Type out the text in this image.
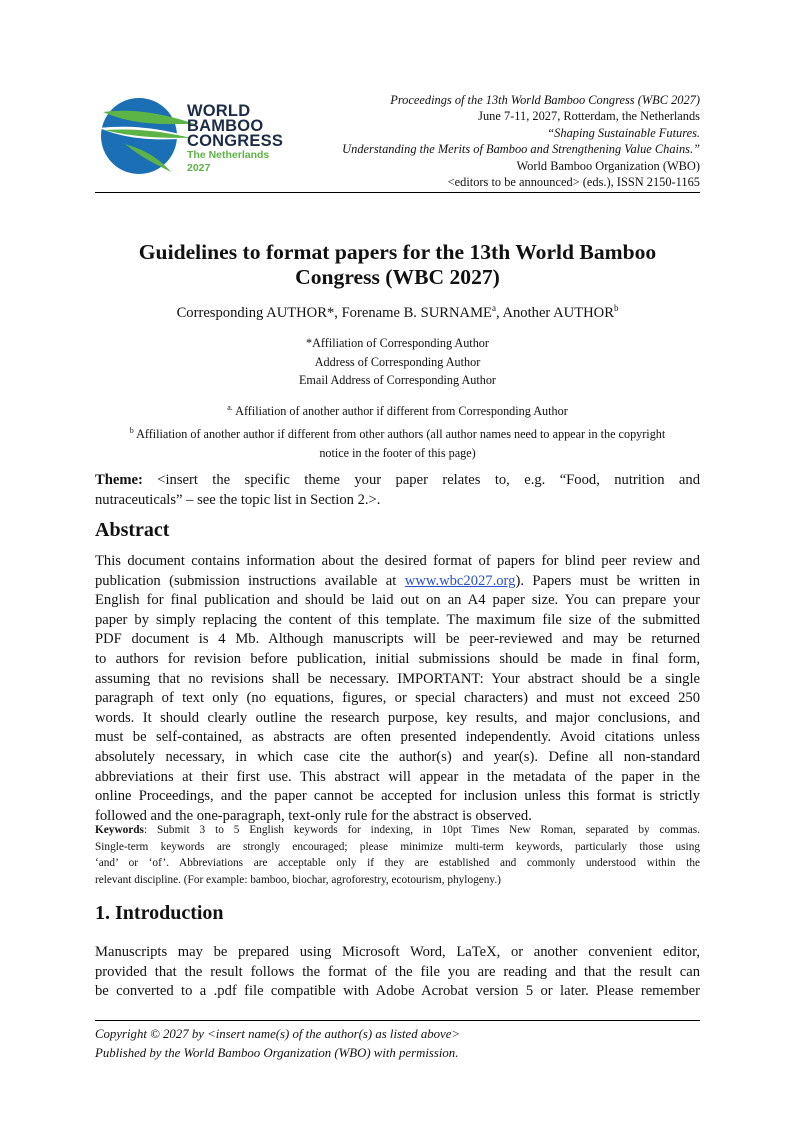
WORLD
BAMBOO
CONGRESS
The Netherlands 2027
Proceedings of the 13th World Bamboo Congress (WBC 2027)
June 7-11, 2027, Rotterdam, the Netherlands
“Shaping Sustainable Futures.
Understanding the Merits of Bamboo and Strengthening Value Chains.”
World Bamboo Organization (WBO)
<editors to be announced> (eds.), ISSN 2150-1165
Guidelines to format papers for the 13th World Bamboo
Congress (WBC 2027)
Corresponding AUTHOR*, Forename B. SURNAME$^a$, Another AUTHOR$^b$
*Affiliation of Corresponding Author
Address of Corresponding Author
Email Address of Corresponding Author
$^{a.}$ Affiliation of another author if different from Corresponding Author
$^b$ Affiliation of another author if different from other authors (all author names need to appear in the copyright
notice in the footer of this page)
Theme: <insert the specific theme your paper relates to, e.g. “Food, nutrition and
nutraceuticals” – see the topic list in Section 2.>.
Abstract
This document contains information about the desired format of papers for blind peer review and
publication (submission instructions available at www.wbc2027.org). Papers must be written in
English for final publication and should be laid out on an A4 paper size. You can prepare your
paper by simply replacing the content of this template. The maximum file size of the submitted
PDF document is 4 Mb. Although manuscripts will be peer-reviewed and may be returned
to authors for revision before publication, initial submissions should be made in final form,
assuming that no revisions shall be necessary. IMPORTANT: Your abstract should be a single
paragraph of text only (no equations, figures, or special characters) and must not exceed 250
words. It should clearly outline the research purpose, key results, and major conclusions, and
must be self-contained, as abstracts are often presented independently. Avoid citations unless
absolutely necessary, in which case cite the author(s) and year(s). Define all non-standard
abbreviations at their first use. This abstract will appear in the metadata of the paper in the
online Proceedings, and the paper cannot be accepted for inclusion unless this format is strictly
followed and the one-paragraph, text-only rule for the abstract is observed.
Keywords: Submit 3 to 5 English keywords for indexing, in 10pt Times New Roman, separated by commas.
Single-term keywords are strongly encouraged; please minimize multi-term keywords, particularly those using
‘and’ or ‘of’. Abbreviations are acceptable only if they are established and commonly understood within the
relevant discipline. (For example: bamboo, biochar, agroforestry, ecotourism, phylogeny.)
1. Introduction
Manuscripts may be prepared using Microsoft Word, LaTeX, or another convenient editor,
provided that the result follows the format of the file you are reading and that the result can
be converted to a .pdf file compatible with Adobe Acrobat version 5 or later. Please remember
Copyright © 2027 by <insert name(s) of the author(s) as listed above>
Published by the World Bamboo Organization (WBO) with permission.
